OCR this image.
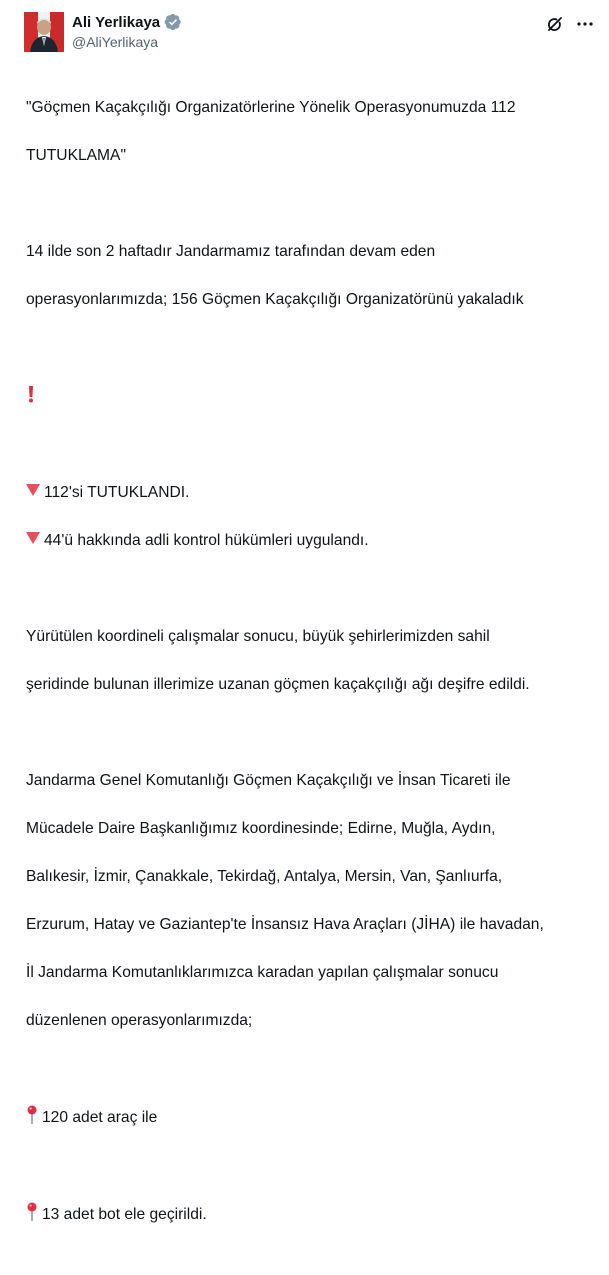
Ali Yerlikaya
@AliYerlikaya

"Göçmen Kaçakçılığı Organizatörlerine Yönelik Operasyonumuzda 112

TUTUKLAMA"

14 ilde son 2 haftadır Jandarmamız tarafından devam eden

operasyonlarımızda; 156 Göçmen Kaçakçılığı Organizatörünü yakaladık

112'si TUTUKLANDI.

44'ü hakkında adli kontrol hükümleri uygulandı.

Yürütülen koordineli çalışmalar sonucu, büyük şehirlerimizden sahil

şeridinde bulunan illerimize uzanan göçmen kaçakçılığı ağı deşifre edildi.

Jandarma Genel Komutanlığı Göçmen Kaçakçılığı ve İnsan Ticareti ile

Mücadele Daire Başkanlığımız koordinesinde; Edirne, Muğla, Aydın,

Balıkesir, İzmir, Çanakkale, Tekirdağ, Antalya, Mersin, Van, Şanlıurfa,

Erzurum, Hatay ve Gaziantep'te İnsansız Hava Araçları (JİHA) ile havadan,

İl Jandarma Komutanlıklarımızca karadan yapılan çalışmalar sonucu

düzenlenen operasyonlarımızda;

120 adet araç ile

13 adet bot ele geçirildi.
